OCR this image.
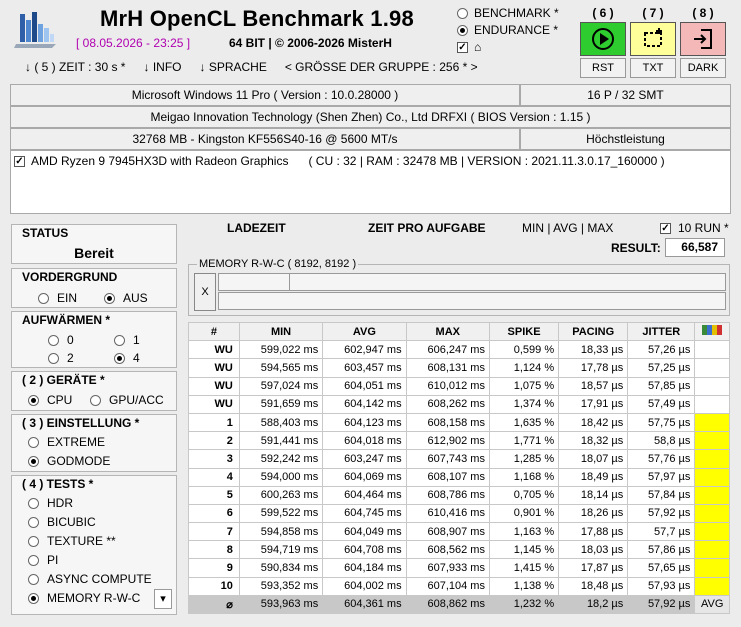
MrH OpenCL Benchmark 1.98
[ 08.05.2026 - 23:25 ]	64 BIT | © 2006-2026 MisterH
BENCHMARK *
ENDURANCE *
✓ ⌂
( 6 )	( 7 )	( 8 )
RST	TXT	DARK
↓ ( 5 ) ZEIT : 30 s * ↓ INFO ↓ SPRACHE < GRÖSSE DER GRUPPE : 256 * >
Microsoft Windows 11 Pro ( Version : 10.0.28000 )	16 P / 32 SMT
Meigao Innovation Technology (Shen Zhen) Co., Ltd DRFXI ( BIOS Version : 1.15 )
32768 MB - Kingston KF556S40-16 @ 5600 MT/s	Höchstleistung
✓ AMD Ryzen 9 7945HX3D with Radeon Graphics ( CU : 32 | RAM : 32478 MB | VERSION : 2021.11.3.0.17_160000 )
STATUS
Bereit
VORDERGRUND
EIN	AUS
AUFWÄRMEN *
0	1
2	4
( 2 ) GERÄTE *
CPU	GPU/ACC
( 3 ) EINSTELLUNG *
EXTREME
GODMODE
( 4 ) TESTS *
HDR
BICUBIC
TEXTURE **
PI
ASYNC COMPUTE
MEMORY R-W-C	▾
LADEZEIT	ZEIT PRO AUFGABE	MIN | AVG | MAX	✓ 10 RUN *
RESULT:	66,587
MEMORY R-W-C ( 8192, 8192 )
X
#	MIN	AVG	MAX	SPIKE	PACING	JITTER	
WU	599,022 ms	602,947 ms	606,247 ms	0,599 %	18,33 µs	57,26 µs	
WU	594,565 ms	603,457 ms	608,131 ms	1,124 %	17,78 µs	57,25 µs	
WU	597,024 ms	604,051 ms	610,012 ms	1,075 %	18,57 µs	57,85 µs	
WU	591,659 ms	604,142 ms	608,262 ms	1,374 %	17,91 µs	57,49 µs	
1	588,403 ms	604,123 ms	608,158 ms	1,635 %	18,42 µs	57,75 µs	
2	591,441 ms	604,018 ms	612,902 ms	1,771 %	18,32 µs	58,8 µs	
3	592,242 ms	603,247 ms	607,743 ms	1,285 %	18,07 µs	57,76 µs	
4	594,000 ms	604,069 ms	608,107 ms	1,168 %	18,49 µs	57,97 µs	
5	600,263 ms	604,464 ms	608,786 ms	0,705 %	18,14 µs	57,84 µs	
6	599,522 ms	604,745 ms	610,416 ms	0,901 %	18,26 µs	57,92 µs	
7	594,858 ms	604,049 ms	608,907 ms	1,163 %	17,88 µs	57,7 µs	
8	594,719 ms	604,708 ms	608,562 ms	1,145 %	18,03 µs	57,86 µs	
9	590,834 ms	604,184 ms	607,933 ms	1,415 %	17,87 µs	57,65 µs	
10	593,352 ms	604,002 ms	607,104 ms	1,138 %	18,48 µs	57,93 µs	
⌀	593,963 ms	604,361 ms	608,862 ms	1,232 %	18,2 µs	57,92 µs	AVG
